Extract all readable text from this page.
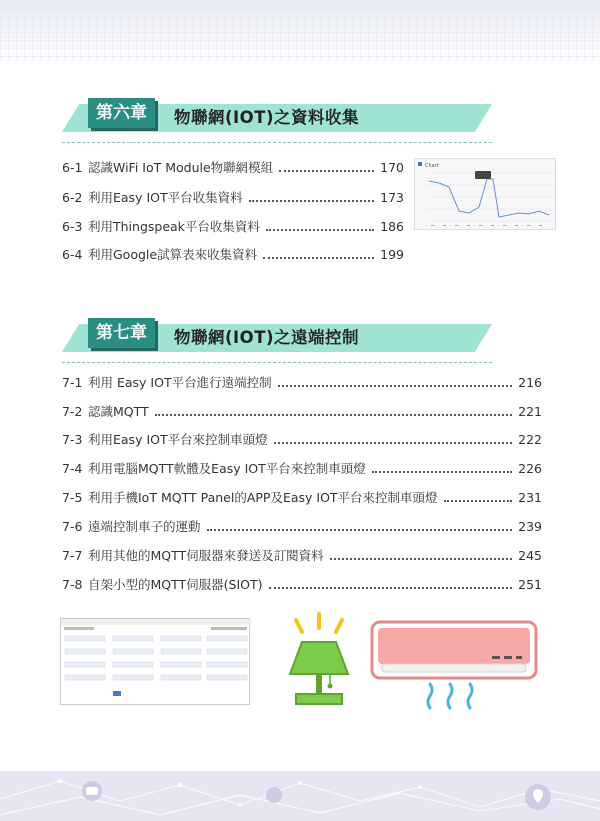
第六章	物聯網(IOT)之資料收集
6-1 認識WiFi IoT Module物聯網模組	170
6-2 利用Easy IOT平台收集資料	173
6-3 利用Thingspeak平台收集資料	186
6-4 利用Google試算表來收集資料	199
Chart
第七章	物聯網(IOT)之遠端控制
7-1 利用 Easy IOT平台進行遠端控制	216
7-2 認識MQTT	221
7-3 利用Easy IOT平台來控制車頭燈	222
7-4 利用電腦MQTT軟體及Easy IOT平台來控制車頭燈	226
7-5 利用手機IoT MQTT Panel的APP及Easy IOT平台來控制車頭燈	231
7-6 遠端控制車子的運動	239
7-7 利用其他的MQTT伺服器來發送及訂閱資料	245
7-8 自架小型的MQTT伺服器(SIOT)	251
